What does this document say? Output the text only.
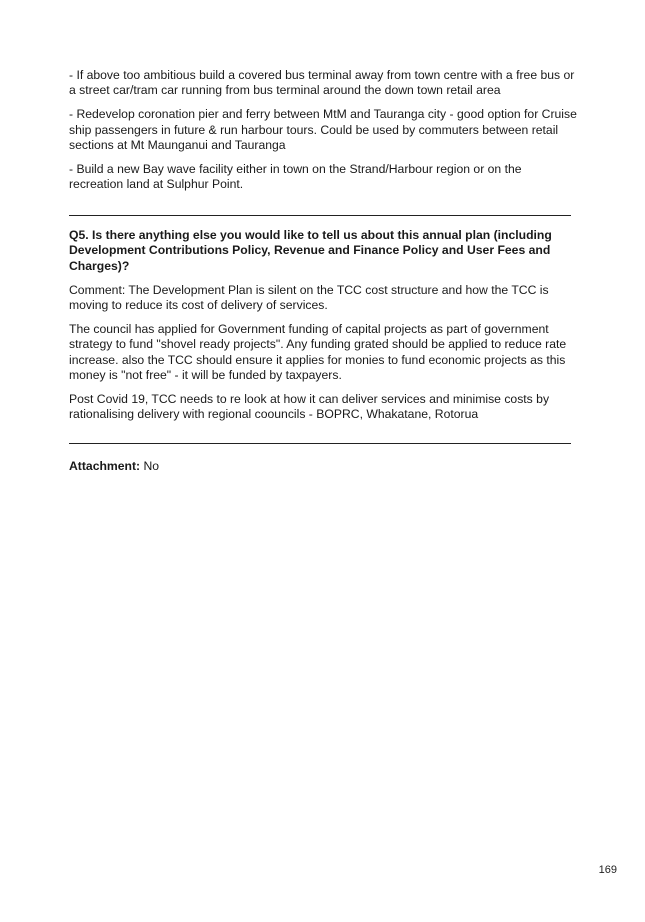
- If above too ambitious build a covered bus terminal away from town centre with a free bus or a street car/tram car running from bus terminal around the down town retail area

- Redevelop coronation pier and ferry between MtM and Tauranga city - good option for Cruise ship passengers in future & run harbour tours. Could be used by commuters between retail sections at Mt Maunganui and Tauranga

- Build a new Bay wave facility either in town on the Strand/Harbour region or on the recreation land at Sulphur Point.

Q5. Is there anything else you would like to tell us about this annual plan (including Development Contributions Policy, Revenue and Finance Policy and User Fees and Charges)?

Comment: The Development Plan is silent on the TCC cost structure and how the TCC is moving to reduce its cost of delivery of services.

The council has applied for Government funding of capital projects as part of government strategy to fund "shovel ready projects". Any funding grated should be applied to reduce rate increase. also the TCC should ensure it applies for monies to fund economic projects as this money is "not free" - it will be funded by taxpayers.

Post Covid 19, TCC needs to re look at how it can deliver services and minimise costs by rationalising delivery with regional coouncils - BOPRC, Whakatane, Rotorua

Attachment: No

169
